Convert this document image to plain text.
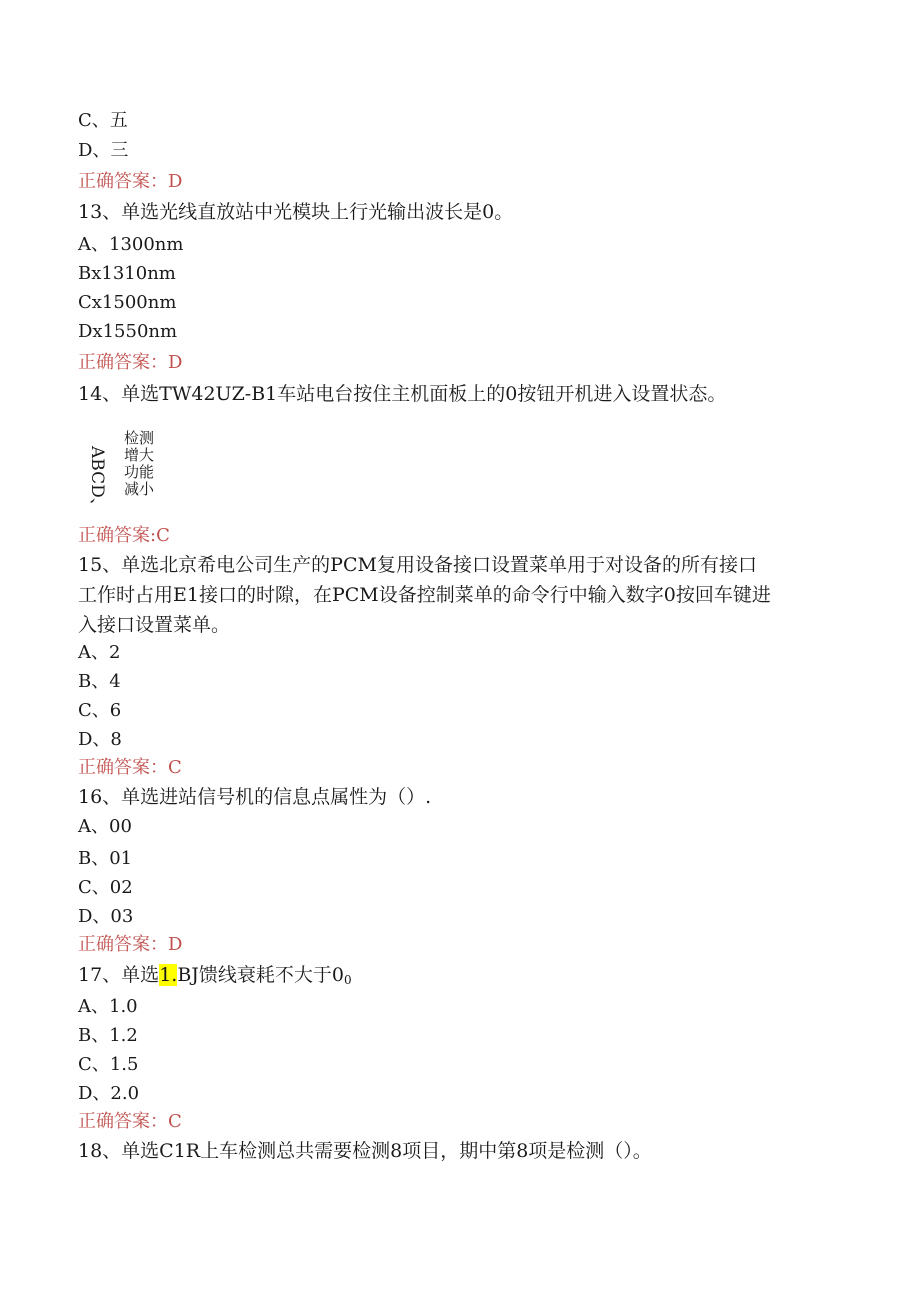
C、五
D、三
正确答案：D
13、单选光线直放站中光模块上行光输出波长是0。
A、1300nm
Bx1310nm
Cx1500nm
Dx1550nm
正确答案：D
14、单选TW42UZ-B1车站电台按住主机面板上的0按钮开机进入设置状态。
ABCD、
检测
增大
功能
减小
正确答案:C
15、单选北京希电公司生产的PCM复用设备接口设置菜单用于对设备的所有接口
工作时占用E1接口的时隙，在PCM设备控制菜单的命令行中输入数字0按回车键进
入接口设置菜单。
A、2
B、4
C、6
D、8
正确答案：C
16、单选进站信号机的信息点属性为（）.
A、00
B、01
C、02
D、03
正确答案：D
17、单选1.BJ馈线衰耗不大于$0_0$
A、1.0
B、1.2
C、1.5
D、2.0
正确答案：C
18、单选C1R上车检测总共需要检测8项目，期中第8项是检测（）。
